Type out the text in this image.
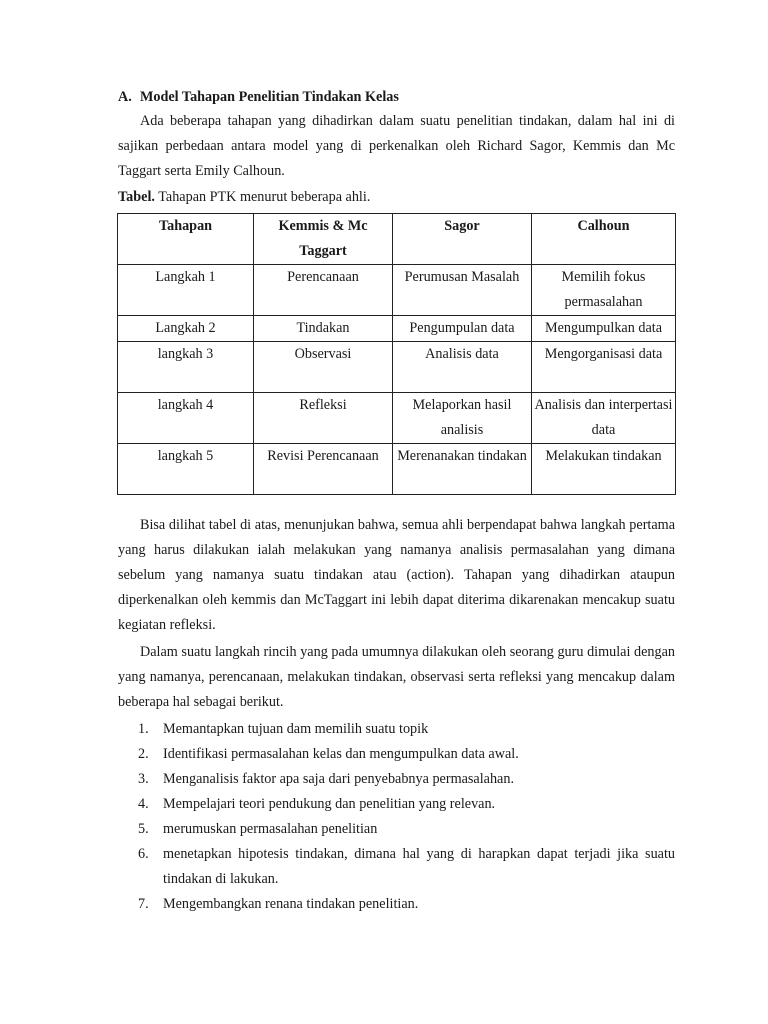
A. Model Tahapan Penelitian Tindakan Kelas

Ada beberapa tahapan yang dihadirkan dalam suatu penelitian tindakan, dalam hal ini di sajikan perbedaan antara model yang di perkenalkan oleh Richard Sagor, Kemmis dan Mc Taggart serta Emily Calhoun.

Tabel. Tahapan PTK menurut beberapa ahli.
Tahapan	Kemmis & Mc Taggart	Sagor	Calhoun
Langkah 1	Perencanaan	Perumusan Masalah	Memilih fokus permasalahan
Langkah 2	Tindakan	Pengumpulan data	Mengumpulkan data
langkah 3	Observasi	Analisis data	Mengorganisasi data
langkah 4	Refleksi	Melaporkan hasil analisis	Analisis dan interpertasi data
langkah 5	Revisi Perencanaan	Merenanakan tindakan	Melakukan tindakan

Bisa dilihat tabel di atas, menunjukan bahwa, semua ahli berpendapat bahwa langkah pertama yang harus dilakukan ialah melakukan yang namanya analisis permasalahan yang dimana sebelum yang namanya suatu tindakan atau (action). Tahapan yang dihadirkan ataupun diperkenalkan oleh kemmis dan McTaggart ini lebih dapat diterima dikarenakan mencakup suatu kegiatan refleksi.

Dalam suatu langkah rincih yang pada umumnya dilakukan oleh seorang guru dimulai dengan yang namanya, perencanaan, melakukan tindakan, observasi serta refleksi yang mencakup dalam beberapa hal sebagai berikut.

1. Memantapkan tujuan dam memilih suatu topik
2. Identifikasi permasalahan kelas dan mengumpulkan data awal.
3. Menganalisis faktor apa saja dari penyebabnya permasalahan.
4. Mempelajari teori pendukung dan penelitian yang relevan.
5. merumuskan permasalahan penelitian
6. menetapkan hipotesis tindakan, dimana hal yang di harapkan dapat terjadi jika suatu tindakan di lakukan.
7. Mengembangkan renana tindakan penelitian.
